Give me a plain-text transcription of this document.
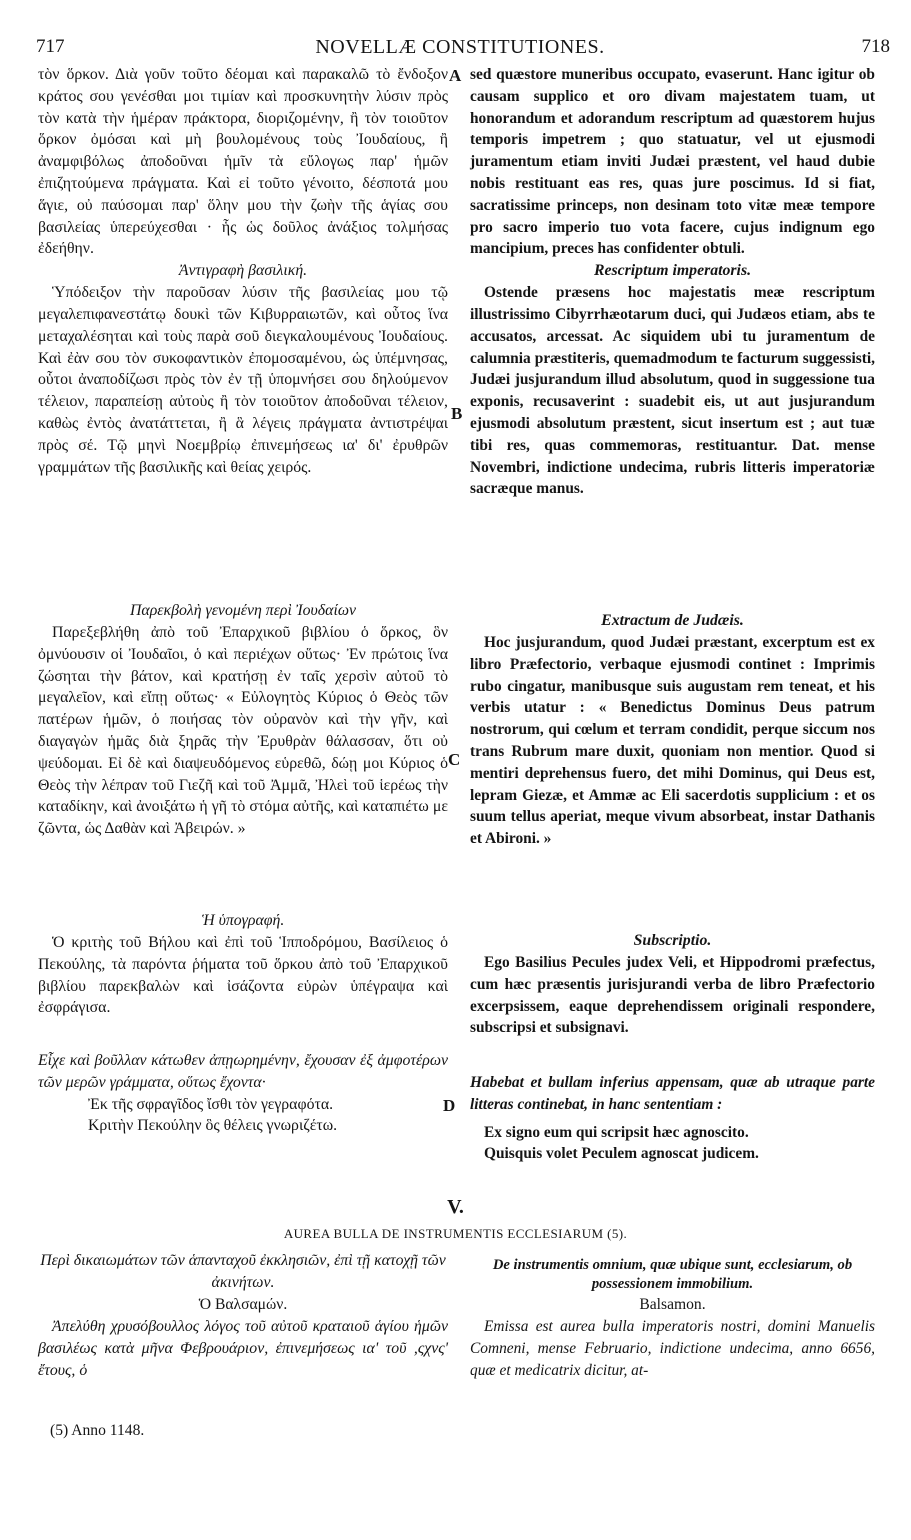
717	NOVELLÆ CONSTITUTIONES.	718

τὸν ὅρκον. Διὰ γοῦν τοῦτο δέομαι καὶ παρακαλῶ τὸ ἔνδοξον κράτος σου γενέσθαι μοι τιμίαν καὶ προσκυνητὴν λύσιν πρὸς τὸν κατὰ τὴν ἡμέραν πράκτορα, διοριζομένην, ἢ τὸν τοιοῦτον ὅρκον ὀμόσαι καὶ μὴ βουλομένους τοὺς Ἰουδαίους, ἢ ἀναμφιβόλως ἀποδοῦναι ἡμῖν τὰ εὔλογως παρ' ἡμῶν ἐπιζητούμενα πράγματα. Καὶ εἰ τοῦτο γένοιτο, δέσποτά μου ἅγιε, οὐ παύσομαι παρ' ὅλην μου τὴν ζωὴν τῆς ἁγίας σου βασιλείας ὑπερεύχεσθαι · ἧς ὡς δοῦλος ἀνάξιος τολμήσας ἐδεήθην.

Ἀντιγραφὴ βασιλική.

Ὑπόδειξον τὴν παροῦσαν λύσιν τῆς βασιλείας μου τῷ μεγαλεπιφανεστάτῳ δουκὶ τῶν Κιβυρραιωτῶν, καὶ οὗτος ἵνα μεταχαλέσηται καὶ τοὺς παρὰ σοῦ διεγκαλουμένους Ἰουδαίους. Καὶ ἐὰν σου τὸν συκοφαντικὸν ἐπομοσαμένου, ὡς ὑπέμνησας, οὗτοι ἀναποδίζωσι πρὸς τὸν ἐν τῇ ὑπομνήσει σου δηλούμενον τέλειον, παραπείσῃ αὐτοὺς ἢ τὸν τοιοῦτον ἀποδοῦναι τέλειον, καθὼς ἐντὸς ἀνατάττεται, ἢ ἃ λέγεις πράγματα ἀντιστρέψαι πρὸς σέ. Τῷ μηνὶ Νοεμβρίῳ ἐπινεμήσεως ια' δι' ἐρυθρῶν γραμμάτων τῆς βασιλικῆς καὶ θείας χειρός.

Παρεκβολὴ γενομένη περὶ Ἰουδαίων

Παρεξεβλήθη ἀπὸ τοῦ Ἐπαρχικοῦ βιβλίου ὁ ὅρκος, ὃν ὀμνύουσιν οἱ Ἰουδαῖοι, ὁ καὶ περιέχων οὕτως· Ἐν πρώτοις ἵνα ζώσηται τὴν βάτον, καὶ κρατήσῃ ἐν ταῖς χερσὶν αὐτοῦ τὸ μεγαλεῖον, καὶ εἴπῃ οὕτως· « Εὐλογητὸς Κύριος ὁ Θεὸς τῶν πατέρων ἡμῶν, ὁ ποιήσας τὸν οὐρανὸν καὶ τὴν γῆν, καὶ διαγαγὼν ἡμᾶς διὰ ξηρᾶς τὴν Ἐρυθρὰν θάλασσαν, ὅτι οὐ ψεύδομαι. Εἰ δὲ καὶ διαψευδόμενος εὑρεθῶ, δώῃ μοι Κύριος ὁ Θεὸς τὴν λέπραν τοῦ Γιεζῆ καὶ τοῦ Ἀμμᾶ, Ἠλεὶ τοῦ ἱερέως τὴν καταδίκην, καὶ ἀνοιξάτω ἡ γῆ τὸ στόμα αὐτῆς, καὶ καταπιέτω με ζῶντα, ὡς Δαθὰν καὶ Ἀβειρών. »

Ἡ ὑπογραφή.

Ὁ κριτὴς τοῦ Βήλου καὶ ἐπὶ τοῦ Ἱπποδρόμου, Βασίλειος ὁ Πεκούλης, τὰ παρόντα ῥήματα τοῦ ὅρκου ἀπὸ τοῦ Ἐπαρχικοῦ βιβλίου παρεκβαλὼν καὶ ἰσάζοντα εὑρὼν ὑπέγραψα καὶ ἐσφράγισα.

Εἶχε καὶ βοῦλλαν κάτωθεν ἀπῃωρημένην, ἔχουσαν ἐξ ἀμφοτέρων τῶν μερῶν γράμματα, οὕτως ἔχοντα·

Ἐκ τῆς σφραγῖδος ἴσθι τὸν γεγραφότα.

Κριτὴν Πεκούλην ὃς θέλεις γνωριζέτω.

sed quæstore muneribus occupato, evaserunt. Hanc igitur ob causam supplico et oro divam majestatem tuam, ut honorandum et adorandum rescriptum ad quæstorem hujus temporis impetrem ; quo statuatur, vel ut ejusmodi juramentum etiam inviti Judæi præstent, vel haud dubie nobis restituant eas res, quas jure poscimus. Id si fiat, sacratissime princeps, non desinam toto vitæ meæ tempore pro sacro imperio tuo vota facere, cujus indignum ego mancipium, preces has confidenter obtuli.

Rescriptum imperatoris.

Ostende præsens hoc majestatis meæ rescriptum illustrissimo Cibyrrhæotarum duci, qui Judæos etiam, abs te accusatos, arcessat. Ac siquidem ubi tu juramentum de calumnia præstiteris, quemadmodum te facturum suggessisti, Judæi jusjurandum illud absolutum, quod in suggessione tua exponis, recusaverint : suadebit eis, ut aut jusjurandum ejusmodi absolutum præstent, sicut insertum est ; aut tuæ tibi res, quas commemoras, restituantur. Dat. mense Novembri, indictione undecima, rubris litteris imperatoriæ sacræque manus.

Extractum de Judæis.

Hoc jusjurandum, quod Judæi præstant, excerptum est ex libro Præfectorio, verbaque ejusmodi continet : Imprimis rubo cingatur, manibusque suis augustam rem teneat, et his verbis utatur : « Benedictus Dominus Deus patrum nostrorum, qui cœlum et terram condidit, perque siccum nos trans Rubrum mare duxit, quoniam non mentior. Quod si mentiri deprehensus fuero, det mihi Dominus, qui Deus est, lepram Giezæ, et Ammæ ac Eli sacerdotis supplicium : et os suum tellus aperiat, meque vivum absorbeat, instar Dathanis et Abironi. »

Subscriptio.

Ego Basilius Pecules judex Veli, et Hippodromi præfectus, cum hæc præsentis jurisjurandi verba de libro Præfectorio excerpsissem, eaque deprehendissem originali respondere, subscripsi et subsignavi.

Habebat et bullam inferius appensam, quæ ab utraque parte litteras continebat, in hanc sententiam :

Ex signo eum qui scripsit hæc agnoscito.

Quisquis volet Peculem agnoscat judicem.

A
B
C
D
V.
AUREA BULLA DE INSTRUMENTIS ECCLESIARUM (5).

Περὶ δικαιωμάτων τῶν ἁπανταχοῦ ἐκκλησιῶν, ἐπὶ τῇ κατοχῇ τῶν ἀκινήτων.

Ὁ Βαλσαμών.

Ἀπελύθη χρυσόβουλλος λόγος τοῦ αὐτοῦ κραταιοῦ ἁγίου ἡμῶν βασιλέως κατὰ μῆνα Φεβρουάριον, ἐπινεμήσεως ια' τοῦ ,ςχνς' ἔτους, ὁ

De instrumentis omnium, quæ ubique sunt, ecclesiarum, ob possessionem immobilium.

Balsamon.

Emissa est aurea bulla imperatoris nostri, domini Manuelis Comneni, mense Februario, indictione undecima, anno 6656, quæ et medicatrix dicitur, at-

(5) Anno 1148.
